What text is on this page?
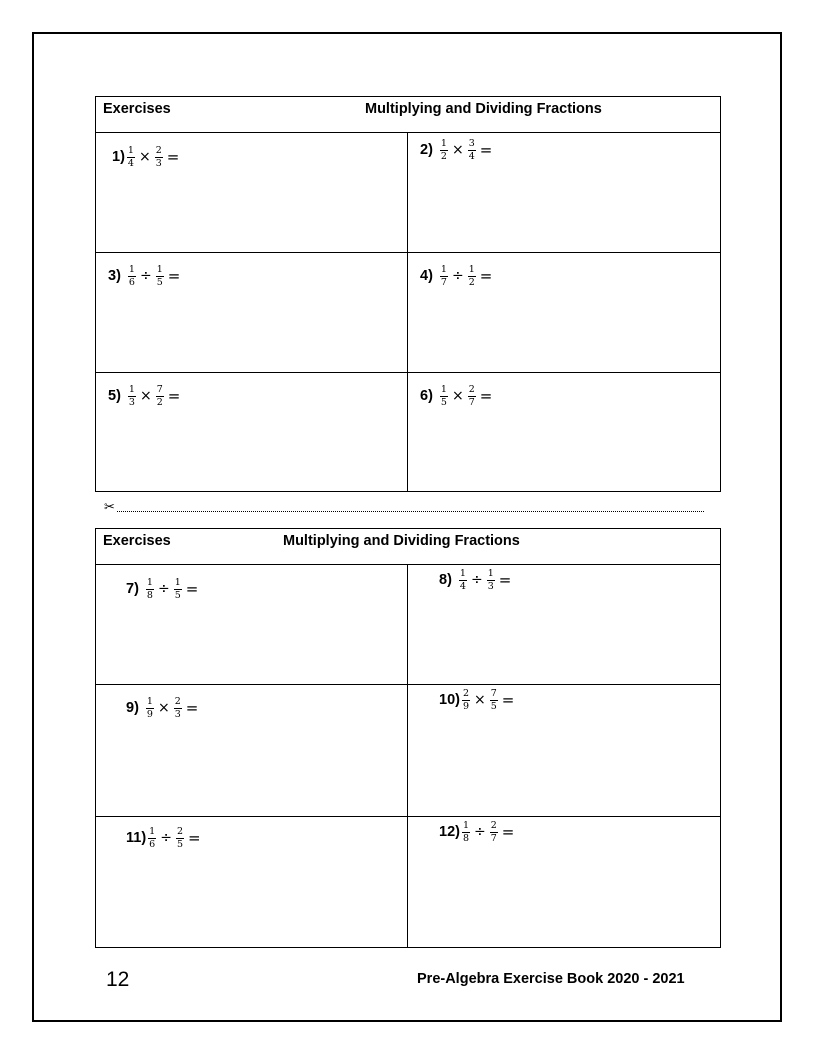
Exercises	Multiplying and Dividing Fractions
$1) \frac{1}{4} \times \frac{2}{3}$ =	$2) \frac{1}{2} \times \frac{3}{4}$ =
$3) \frac{1}{6} \div \frac{1}{5}$ =	$4) \frac{1}{7} \div \frac{1}{2}$ =
$5) \frac{1}{3} \times \frac{7}{2}$ =	$6) \frac{1}{5} \times \frac{2}{7}$ =
✂
Exercises	Multiplying and Dividing Fractions
$7) \frac{1}{8} \div \frac{1}{5}$ =	$8) \frac{1}{4} \div \frac{1}{3}$ =
$9) \frac{1}{9} \times \frac{2}{3}$ =	$10) \frac{2}{9} \times \frac{7}{5}$ =
$11) \frac{1}{6} \div \frac{2}{5}$ =	$12) \frac{1}{8} \div \frac{2}{7}$ =
12	Pre-Algebra Exercise Book 2020 - 2021
